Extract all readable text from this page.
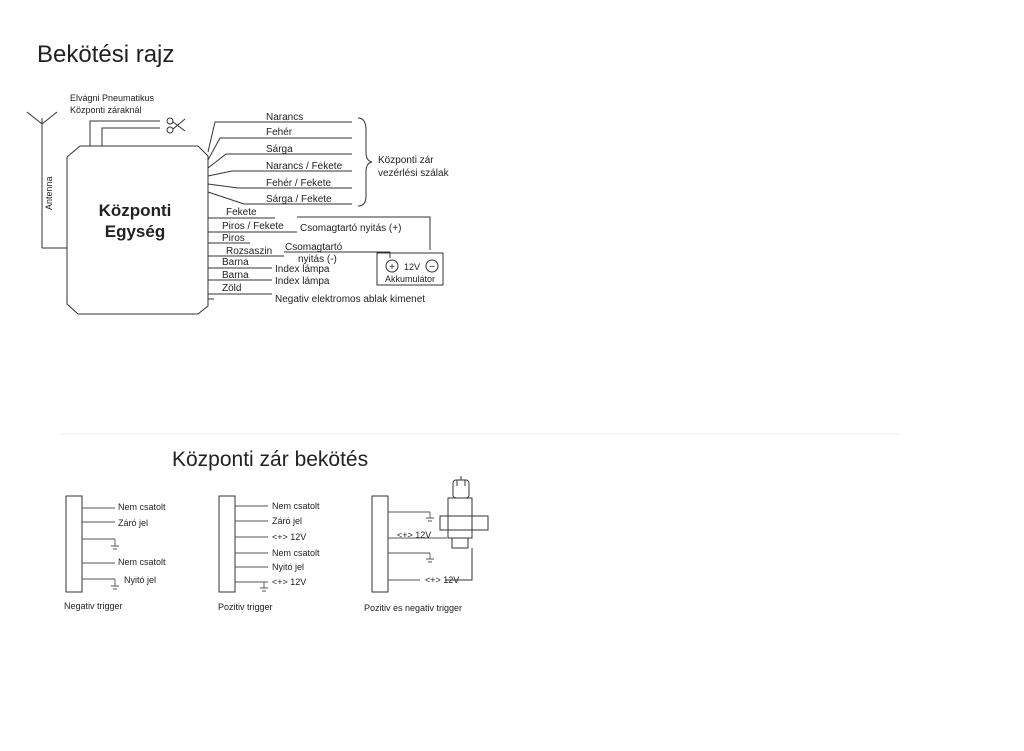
Bekötési rajz
Elvágni Pneumatikus
Központi záraknál
Antenna
Központi
Egység
Narancs
Fehér
Sárga
Narancs / Fekete
Fehér / Fekete
Sárga / Fekete
Központi zár
vezérlési szálak
Fekete
Piros / Fekete
Piros
Rozsaszin
Barna
Barna
Zöld
Csomagtartó nyitás (+)
Csomagtartó
nyitás (-)
Index lámpa
Index lámpa
Negativ elektromos ablak kimenet
+ 12V −
Akkumulátor
Központi zár bekötés
Nem csatolt
Záró jel
Nem csatolt
Nyitó jel
Negativ trigger
Nem csatolt
Záró jel
<+> 12V
Nem csatolt
Nyitó jel
<+> 12V
Pozitiv trigger
<+> 12V
<+> 12V
Pozitiv es negativ trigger
